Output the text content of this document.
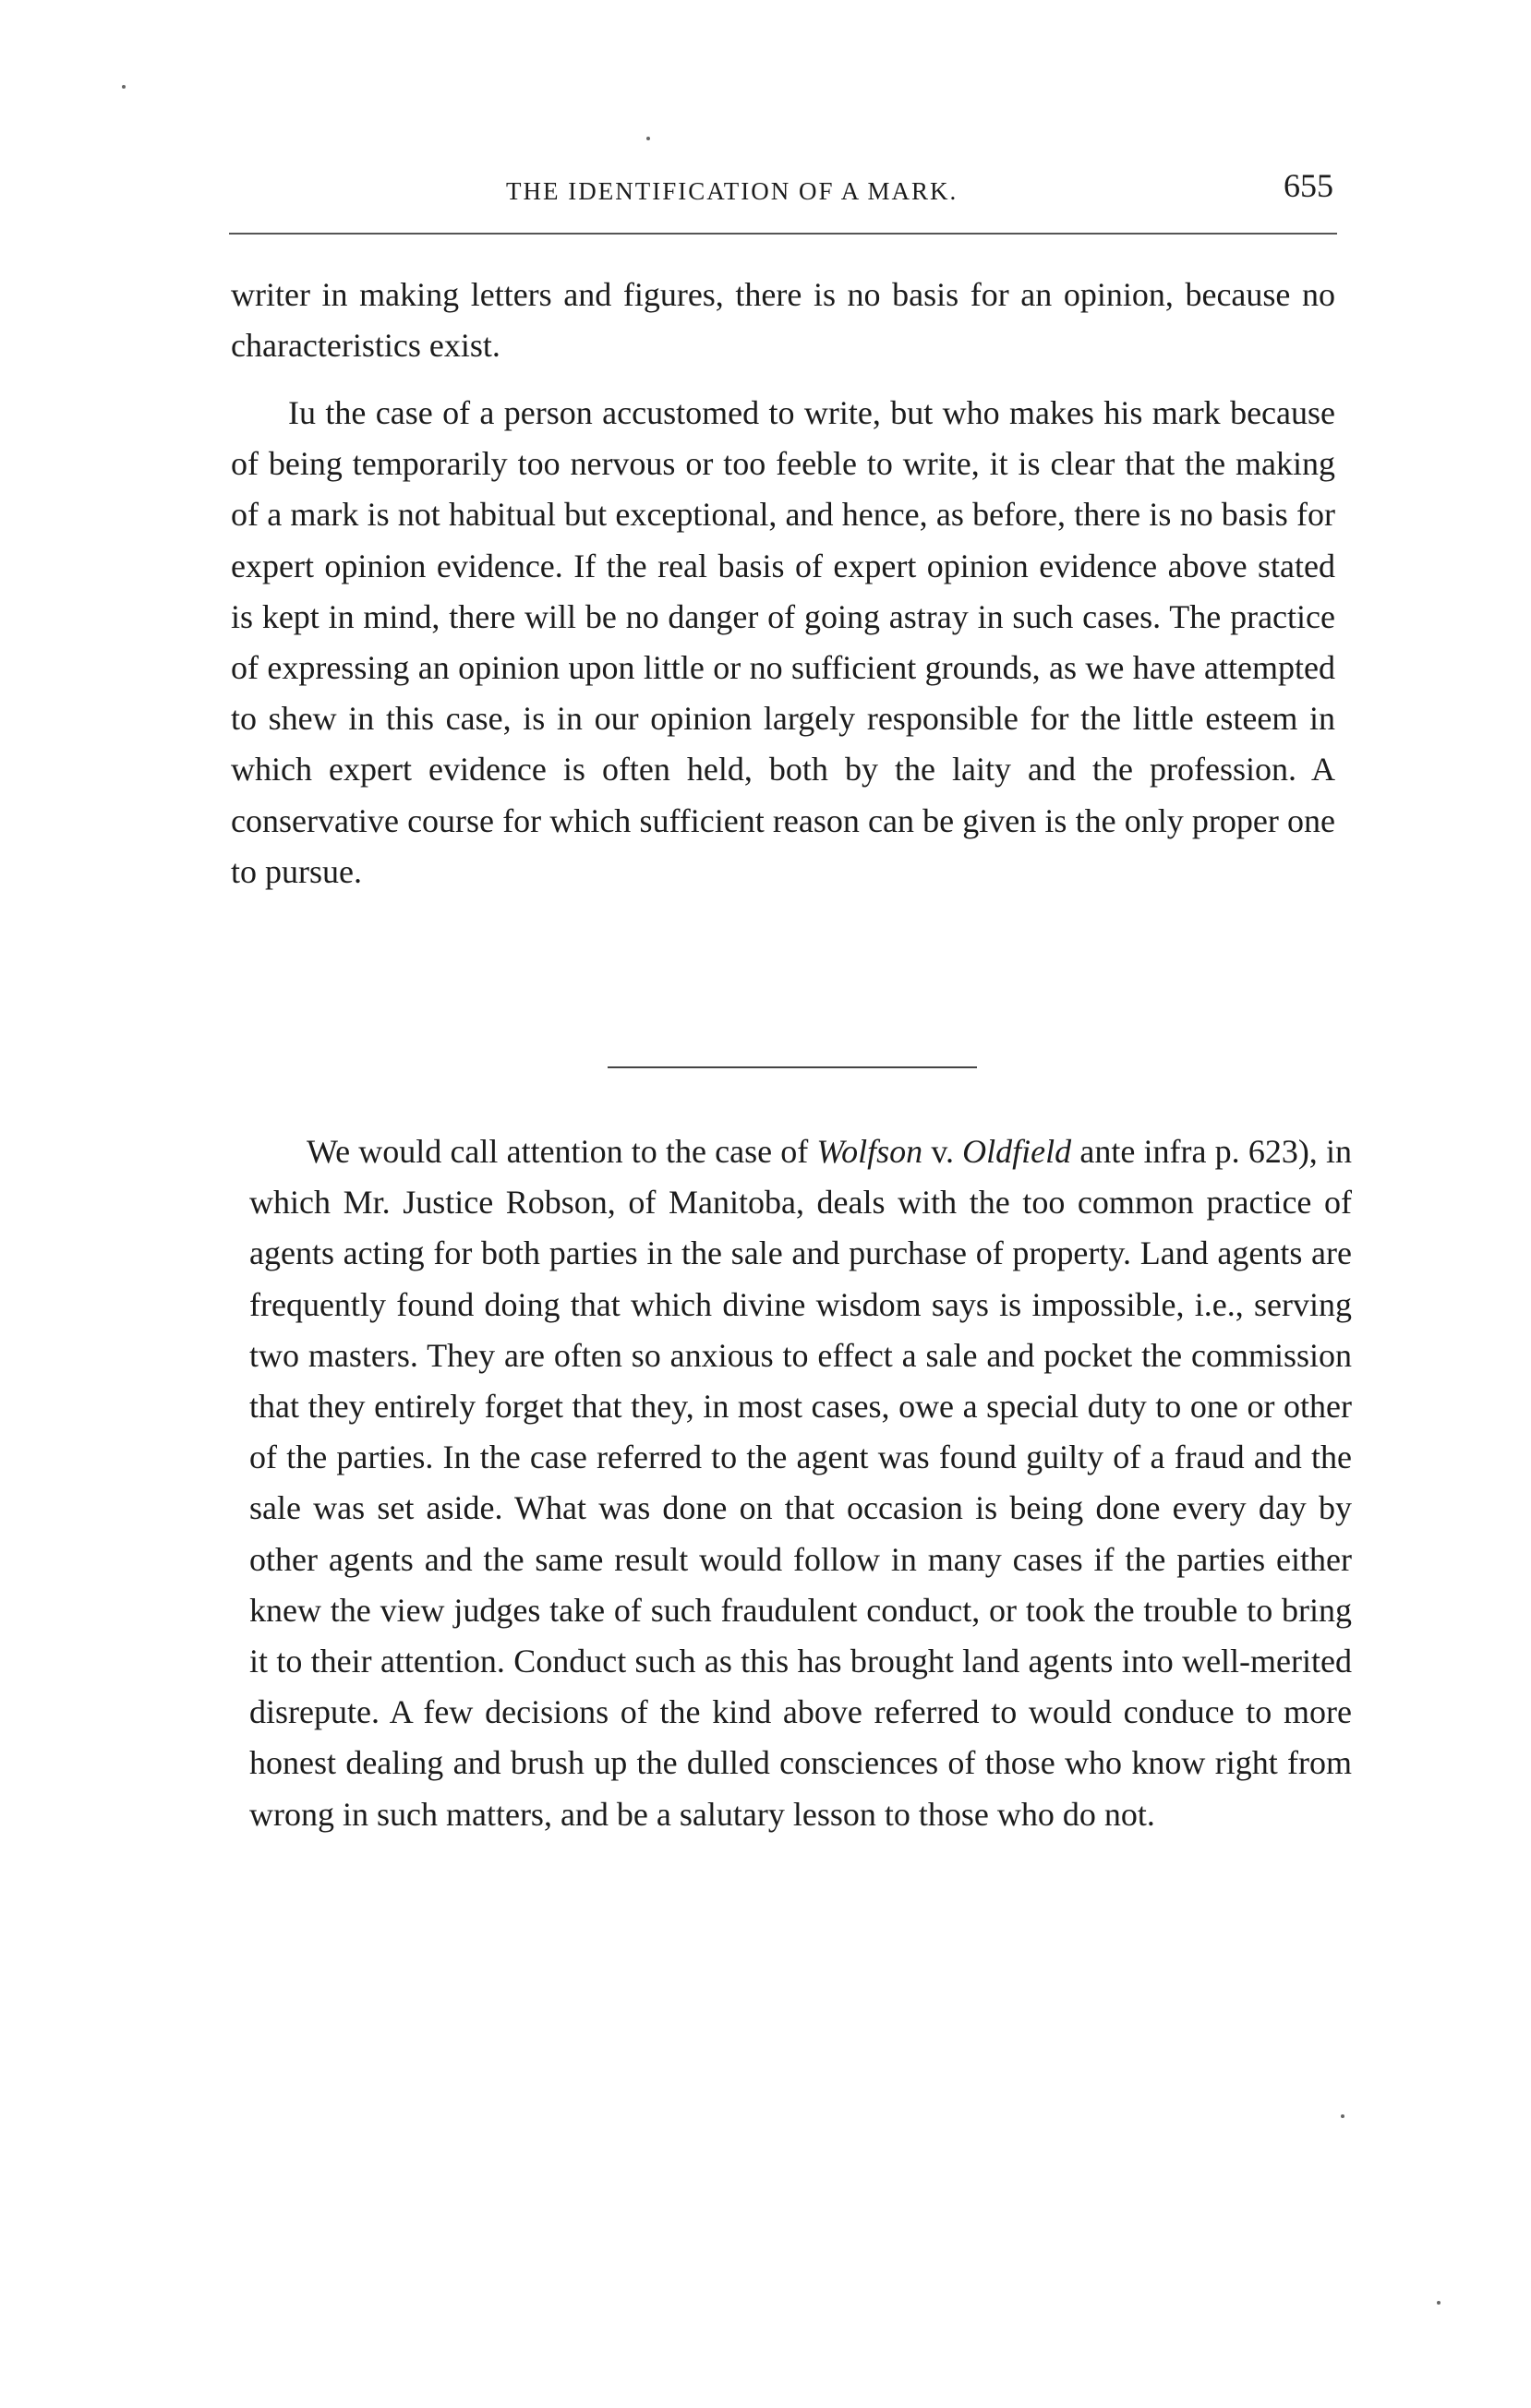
THE IDENTIFICATION OF A MARK.	655

writer in making letters and figures, there is no basis for an opinion, because no characteristics exist.

Iu the case of a person accustomed to write, but who makes his mark because of being temporarily too nervous or too feeble to write, it is clear that the making of a mark is not habitual but exceptional, and hence, as before, there is no basis for expert opinion evidence. If the real basis of expert opinion evidence above stated is kept in mind, there will be no danger of going astray in such cases. The practice of expressing an opinion upon little or no sufficient grounds, as we have attempted to shew in this case, is in our opinion largely responsible for the little esteem in which expert evidence is often held, both by the laity and the profession. A conservative course for which sufficient reason can be given is the only proper one to pursue.

We would call attention to the case of Wolfson v. Oldfield ante infra p. 623), in which Mr. Justice Robson, of Manitoba, deals with the too common practice of agents acting for both parties in the sale and purchase of property. Land agents are frequently found doing that which divine wisdom says is impossible, i.e., serving two masters. They are often so anxious to effect a sale and pocket the commission that they entirely forget that they, in most cases, owe a special duty to one or other of the parties. In the case referred to the agent was found guilty of a fraud and the sale was set aside. What was done on that occasion is being done every day by other agents and the same result would follow in many cases if the parties either knew the view judges take of such fraudulent conduct, or took the trouble to bring it to their attention. Conduct such as this has brought land agents into well-merited disrepute. A few decisions of the kind above referred to would conduce to more honest dealing and brush up the dulled consciences of those who know right from wrong in such matters, and be a salutary lesson to those who do not.
